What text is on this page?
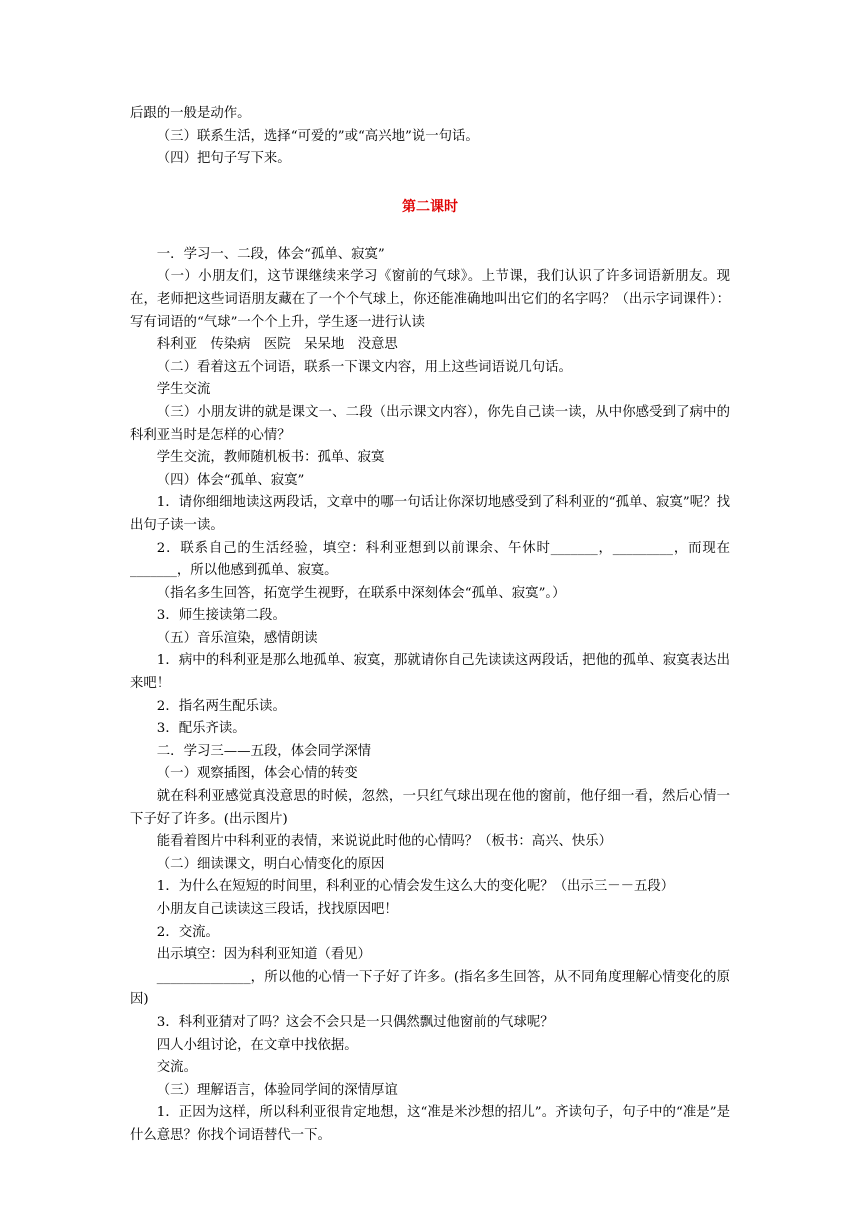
后跟的一般是动作。

（三）联系生活，选择“可爱的”或“高兴地”说一句话。

（四）把句子写下来。

第二课时

一．学习一、二段，体会“孤单、寂寞”

（一）小朋友们，这节课继续来学习《窗前的气球》。上节课，我们认识了许多词语新朋友。现在，老师把这些词语朋友藏在了一个个气球上，你还能准确地叫出它们的名字吗？（出示字词课件）：写有词语的“气球”一个个上升，学生逐一进行认读

科利亚　传染病　医院　呆呆地　没意思

（二）看着这五个词语，联系一下课文内容，用上这些词语说几句话。

学生交流

（三）小朋友讲的就是课文一、二段（出示课文内容），你先自己读一读，从中你感受到了病中的科利亚当时是怎样的心情？

学生交流，教师随机板书：孤单、寂寞

（四）体会“孤单、寂寞”

1．请你细细地读这两段话，文章中的哪一句话让你深切地感受到了科利亚的“孤单、寂寞”呢？找出句子读一读。

2．联系自己的生活经验，填空：科利亚想到以前课余、午休时_______，_________，而现在_______，所以他感到孤单、寂寞。

（指名多生回答，拓宽学生视野，在联系中深刻体会“孤单、寂寞”。）

3．师生接读第二段。

（五）音乐渲染，感情朗读

1．病中的科利亚是那么地孤单、寂寞，那就请你自己先读读这两段话，把他的孤单、寂寞表达出来吧！

2．指名两生配乐读。

3．配乐齐读。

二．学习三——五段，体会同学深情

（一）观察插图，体会心情的转变

就在科利亚感觉真没意思的时候，忽然，一只红气球出现在他的窗前，他仔细一看，然后心情一下子好了许多。(出示图片)

能看着图片中科利亚的表情，来说说此时他的心情吗？（板书：高兴、快乐）

（二）细读课文，明白心情变化的原因

1．为什么在短短的时间里，科利亚的心情会发生这么大的变化呢？（出示三－－五段）

小朋友自己读读这三段话，找找原因吧！

2．交流。

出示填空：因为科利亚知道（看见）

______________，所以他的心情一下子好了许多。(指名多生回答，从不同角度理解心情变化的原因)

3．科利亚猜对了吗？这会不会只是一只偶然飘过他窗前的气球呢？

四人小组讨论，在文章中找依据。

交流。

（三）理解语言，体验同学间的深情厚谊

1．正因为这样，所以科利亚很肯定地想，这“准是米沙想的招儿”。齐读句子，句子中的“准是”是什么意思？你找个词语替代一下。
